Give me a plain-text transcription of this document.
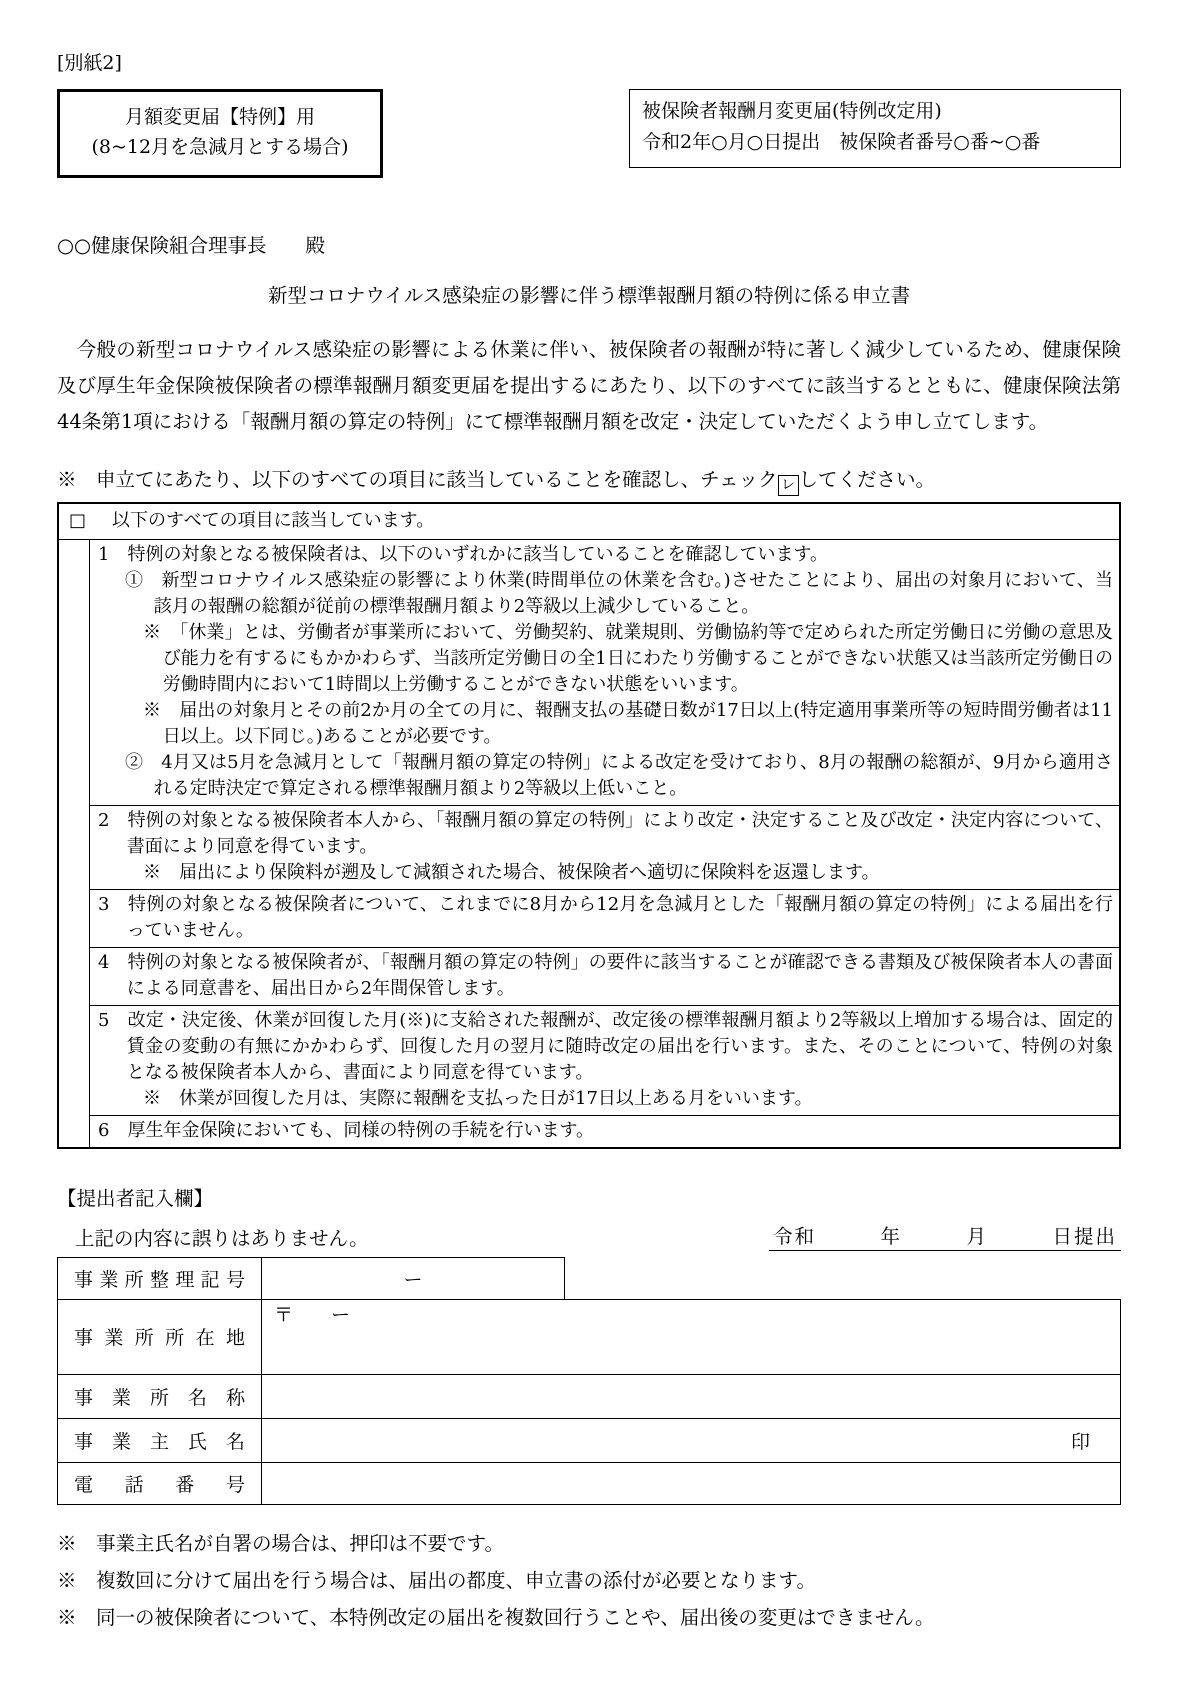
[別紙2]

月額変更届【特例】用
(8~12月を急減月とする場合)
被保険者報酬月変更届(特例改定用)
令和2年○月○日提出　被保険者番号○番~○番

○○健康保険組合理事長　　殿

新型コロナウイルス感染症の影響に伴う標準報酬月額の特例に係る申立書

　今般の新型コロナウイルス感染症の影響による休業に伴い、被保険者の報酬が特に著しく減少しているため、健康保険及び厚生年金保険被保険者の標準報酬月額変更届を提出するにあたり、以下のすべてに該当するとともに、健康保険法第44条第1項における「報酬月額の算定の特例」にて標準報酬月額を改定・決定していただくよう申し立てします。

※　申立てにあたり、以下のすべての項目に該当していることを確認し、チェック レ してください。

□ 以下のすべての項目に該当しています。

1　特例の対象となる被保険者は、以下のいずれかに該当していることを確認しています。

①　新型コロナウイルス感染症の影響により休業(時間単位の休業を含む。)させたことにより、届出の対象月において、当該月の報酬の総額が従前の標準報酬月額より2等級以上減少していること。

※　「休業」とは、労働者が事業所において、労働契約、就業規則、労働協約等で定められた所定労働日に労働の意思及び能力を有するにもかかわらず、当該所定労働日の全1日にわたり労働することができない状態又は当該所定労働日の労働時間内において1時間以上労働することができない状態をいいます。

※　届出の対象月とその前2か月の全ての月に、報酬支払の基礎日数が17日以上(特定適用事業所等の短時間労働者は11日以上。以下同じ。)あることが必要です。

②　4月又は5月を急減月として「報酬月額の算定の特例」による改定を受けており、8月の報酬の総額が、9月から適用される定時決定で算定される標準報酬月額より2等級以上低いこと。

2　特例の対象となる被保険者本人から、「報酬月額の算定の特例」により改定・決定すること及び改定・決定内容について、書面により同意を得ています。

※　届出により保険料が遡及して減額された場合、被保険者へ適切に保険料を返還します。

3　特例の対象となる被保険者について、これまでに8月から12月を急減月とした「報酬月額の算定の特例」による届出を行っていません。

4　特例の対象となる被保険者が、「報酬月額の算定の特例」の要件に該当することが確認できる書類及び被保険者本人の書面による同意書を、届出日から2年間保管します。

5　改定・決定後、休業が回復した月(※)に支給された報酬が、改定後の標準報酬月額より2等級以上増加する場合は、固定的賃金の変動の有無にかかわらず、回復した月の翌月に随時改定の届出を行います。また、そのことについて、特例の対象となる被保険者本人から、書面により同意を得ています。

※　休業が回復した月は、実際に報酬を支払った日が17日以上ある月をいいます。

6　厚生年金保険においても、同様の特例の手続を行います。

【提出者記入欄】

上記の内容に誤りはありません。	令和　　　年　　　月　　　日提出
事業所整理記号	ー
事業所所在地
〒　　 ー
事業所名称
事業主氏名	印
電話番号

※　事業主氏名が自署の場合は、押印は不要です。

※　複数回に分けて届出を行う場合は、届出の都度、申立書の添付が必要となります。

※　同一の被保険者について、本特例改定の届出を複数回行うことや、届出後の変更はできません。
